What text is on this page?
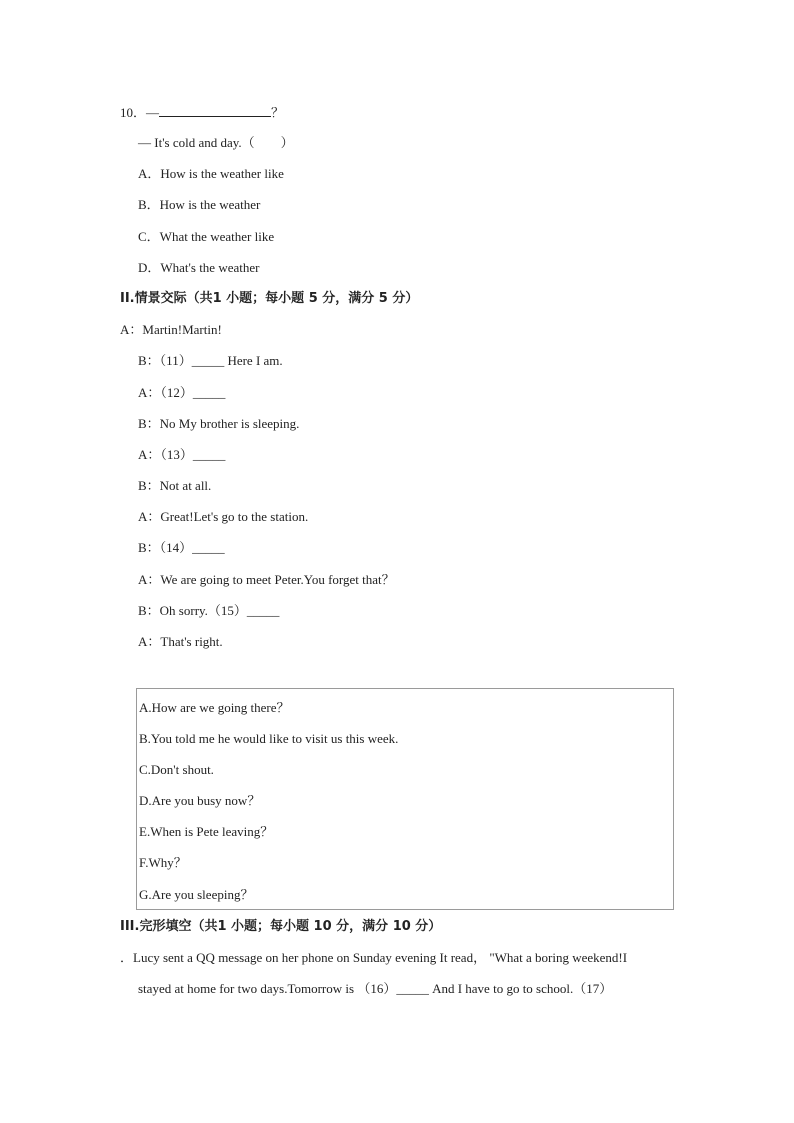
10．—	？
— It's cold and day.（　　）
A．How is the weather like
B．How is the weather
C．What the weather like
D．What's the weather
II.情景交际（共1 小题；每小题 5 分，满分 5 分）
A：Martin!Martin!
B：（11）_____ Here I am.
A：（12）_____
B：No My brother is sleeping.
A：（13）_____
B：Not at all.
A：Great!Let's go to the station.
B：（14）_____
A：We are going to meet Peter.You forget that？
B：Oh sorry.（15）_____
A：That's right.
A.How are we going there？
B.You told me he would like to visit us this week.
C.Don't shout.
D.Are you busy now？
E.When is Pete leaving？
F.Why？
G.Are you sleeping？
III.完形填空（共1 小题；每小题 10 分，满分 10 分）
．Lucy sent a QQ message on her phone on Sunday evening It read， "What a boring weekend!I
stayed at home for two days.Tomorrow is （16）_____ And I have to go to school.（17）
